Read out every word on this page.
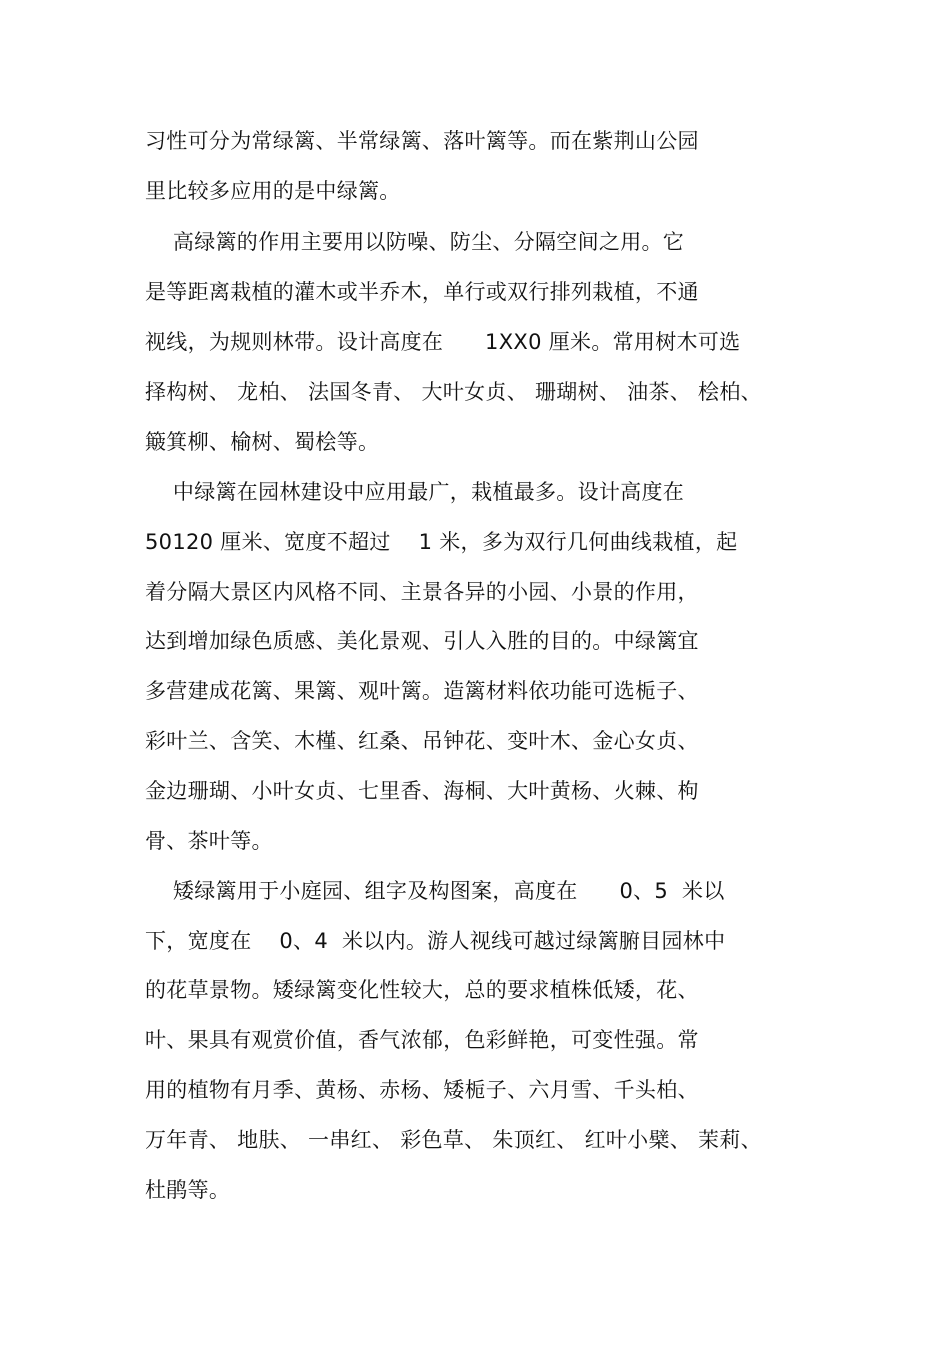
习性可分为常绿篱、半常绿篱、落叶篱等。而在紫荆山公园
里比较多应用的是中绿篱。
高绿篱的作用主要用以防噪、防尘、分隔空间之用。它
是等距离栽植的灌木或半乔木，单行或双行排列栽植，不通
视线，为规则林带。设计高度在      1XX0 厘米。常用树木可选
择构树、 龙柏、 法国冬青、 大叶女贞、 珊瑚树、 油茶、 桧柏、
簸箕柳、榆树、蜀桧等。
中绿篱在园林建设中应用最广，栽植最多。设计高度在
50120 厘米、宽度不超过    1 米，多为双行几何曲线栽植，起
着分隔大景区内风格不同、主景各异的小园、小景的作用，
达到增加绿色质感、美化景观、引人入胜的目的。中绿篱宜
多营建成花篱、果篱、观叶篱。造篱材料依功能可选栀子、
彩叶兰、含笑、木槿、红桑、吊钟花、变叶木、金心女贞、
金边珊瑚、小叶女贞、七里香、海桐、大叶黄杨、火棘、枸
骨、茶叶等。
矮绿篱用于小庭园、组字及构图案，高度在      0、5  米以
下，宽度在    0、4  米以内。游人视线可越过绿篱腑目园林中
的花草景物。矮绿篱变化性较大，总的要求植株低矮，花、
叶、果具有观赏价值，香气浓郁，色彩鲜艳，可变性强。常
用的植物有月季、黄杨、赤杨、矮栀子、六月雪、千头柏、
万年青、 地肤、 一串红、 彩色草、 朱顶红、 红叶小檗、 茉莉、
杜鹃等。
